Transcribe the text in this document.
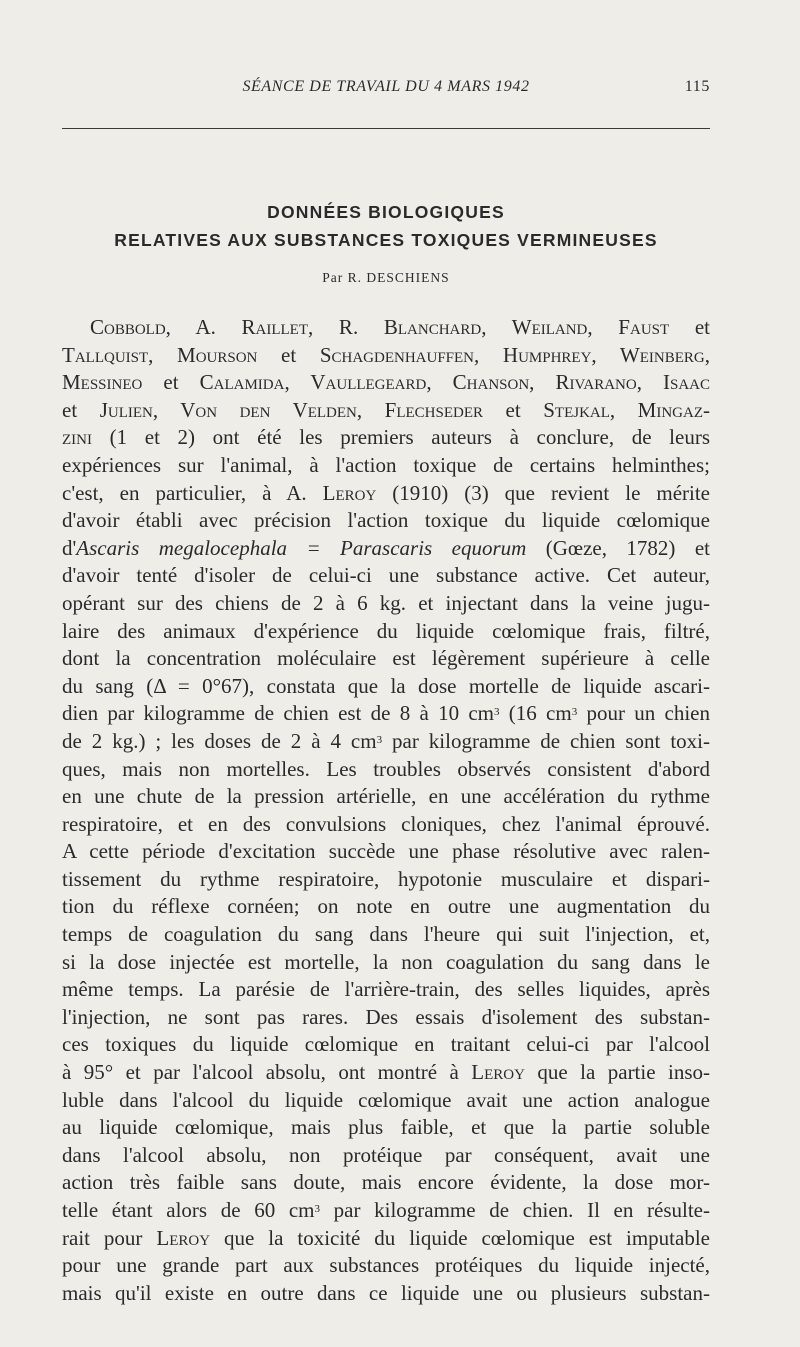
SÉANCE DE TRAVAIL DU 4 MARS 1942	115
DONNÉES BIOLOGIQUES
RELATIVES AUX SUBSTANCES TOXIQUES VERMINEUSES
Par R. DESCHIENS
Cobbold, A. Raillet, R. Blanchard, Weiland, Faust et
Tallquist, Mourson et Schagdenhauffen, Humphrey, Weinberg,
Messineo et Calamida, Vaullegeard, Chanson, Rivarano, Isaac
et Julien, Von den Velden, Flechseder et Stejkal, Mingaz-
zini (1 et 2) ont été les premiers auteurs à conclure, de leurs
expériences sur l'animal, à l'action toxique de certains helminthes;
c'est, en particulier, à A. Leroy (1910) (3) que revient le mérite
d'avoir établi avec précision l'action toxique du liquide cœlomique
d'Ascaris megalocephala = Parascaris equorum (Gœze, 1782) et
d'avoir tenté d'isoler de celui-ci une substance active. Cet auteur,
opérant sur des chiens de 2 à 6 kg. et injectant dans la veine jugu-
laire des animaux d'expérience du liquide cœlomique frais, filtré,
dont la concentration moléculaire est légèrement supérieure à celle
du sang (Δ = 0°67), constata que la dose mortelle de liquide ascari-
dien par kilogramme de chien est de 8 à 10 $cm^3$ (16 $cm^3$ pour un chien
de 2 kg.) ; les doses de 2 à 4 $cm^3$ par kilogramme de chien sont toxi-
ques, mais non mortelles. Les troubles observés consistent d'abord
en une chute de la pression artérielle, en une accélération du rythme
respiratoire, et en des convulsions cloniques, chez l'animal éprouvé.
A cette période d'excitation succède une phase résolutive avec ralen-
tissement du rythme respiratoire, hypotonie musculaire et dispari-
tion du réflexe cornéen; on note en outre une augmentation du
temps de coagulation du sang dans l'heure qui suit l'injection, et,
si la dose injectée est mortelle, la non coagulation du sang dans le
même temps. La parésie de l'arrière-train, des selles liquides, après
l'injection, ne sont pas rares. Des essais d'isolement des substan-
ces toxiques du liquide cœlomique en traitant celui-ci par l'alcool
à 95° et par l'alcool absolu, ont montré à Leroy que la partie inso-
luble dans l'alcool du liquide cœlomique avait une action analogue
au liquide cœlomique, mais plus faible, et que la partie soluble
dans l'alcool absolu, non protéique par conséquent, avait une
action très faible sans doute, mais encore évidente, la dose mor-
telle étant alors de 60 $cm^3$ par kilogramme de chien. Il en résulte-
rait pour Leroy que la toxicité du liquide cœlomique est imputable
pour une grande part aux substances protéiques du liquide injecté,
mais qu'il existe en outre dans ce liquide une ou plusieurs substan-
